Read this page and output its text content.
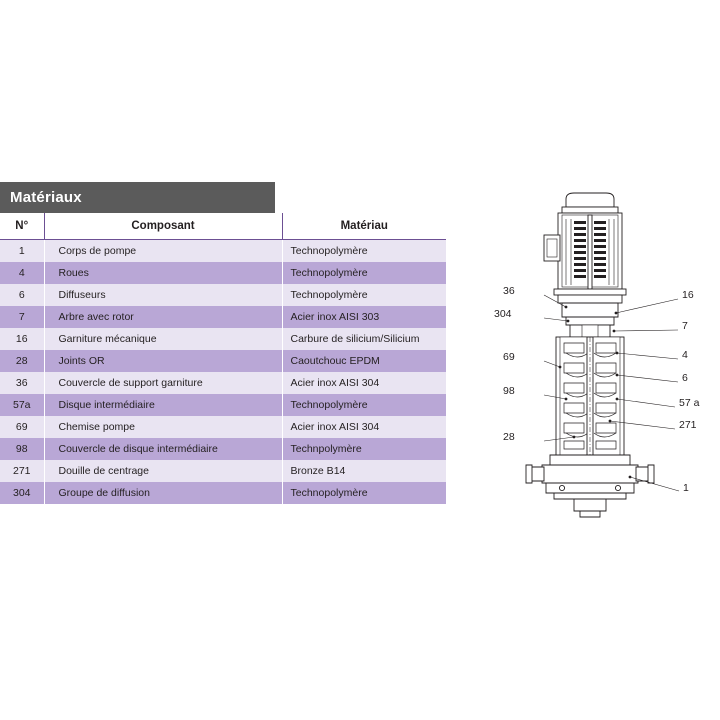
Matériaux
N°	Composant	Matériau
1	Corps de pompe	Technopolymère
4	Roues	Technopolymère
6	Diffuseurs	Technopolymère
7	Arbre avec rotor	Acier inox AISI 303
16	Garniture mécanique	Carbure de silicium/Silicium
28	Joints OR	Caoutchouc EPDM
36	Couvercle de support garniture	Acier inox AISI 304
57a	Disque intermédiaire	Technopolymère
69	Chemise pompe	Acier inox AISI 304
98	Couvercle de disque intermédiaire	Technpolymère
271	Douille de centrage	Bronze B14
304	Groupe de diffusion	Technopolymère
36
304
69
98
28
16
7
4
6
57 a
271
1
